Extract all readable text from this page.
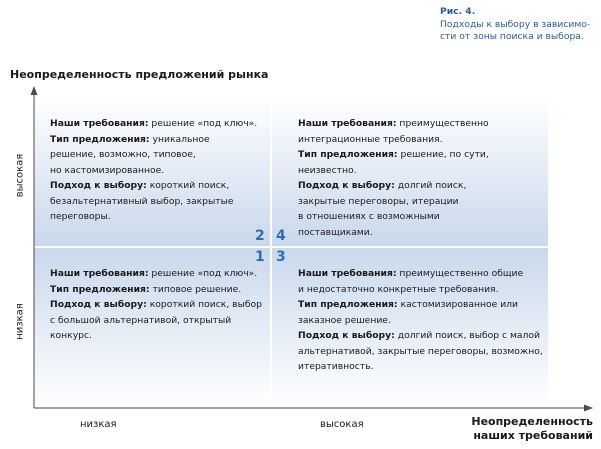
Рис. 4.
Подходы к выбору в зависимо-
сти от зоны поиска и выбора.
Неопределенность предложений рынка
высокая
низкая
низкая	высокая	Неопределенность
наших требований
Наши требования: решение «под ключ».
Тип предложения: уникальное
решение, возможно, типовое,
но кастомизированное.
Подход к выбору: короткий поиск,
безальтернативный выбор, закрытые
переговоры.
Наши требования: преимущественно
интеграционные требования.
Тип предложения: решение, по сути,
неизвестно.
Подход к выбору: долгий поиск,
закрытые переговоры, итерации
в отношениях с возможными
поставщиками.
Наши требования: решение «под ключ».
Тип предложения: типовое решение.
Подход к выбору: короткий поиск, выбор
с большой альтернативой, открытый
конкурс.
Наши требования: преимущественно общие
и недостаточно конкретные требования.
Тип предложения: кастомизированное или
заказное решение.
Подход к выбору: долгий поиск, выбор с малой
альтернативой, закрытые переговоры, возможно,
итеративность.
2 4
1 3
